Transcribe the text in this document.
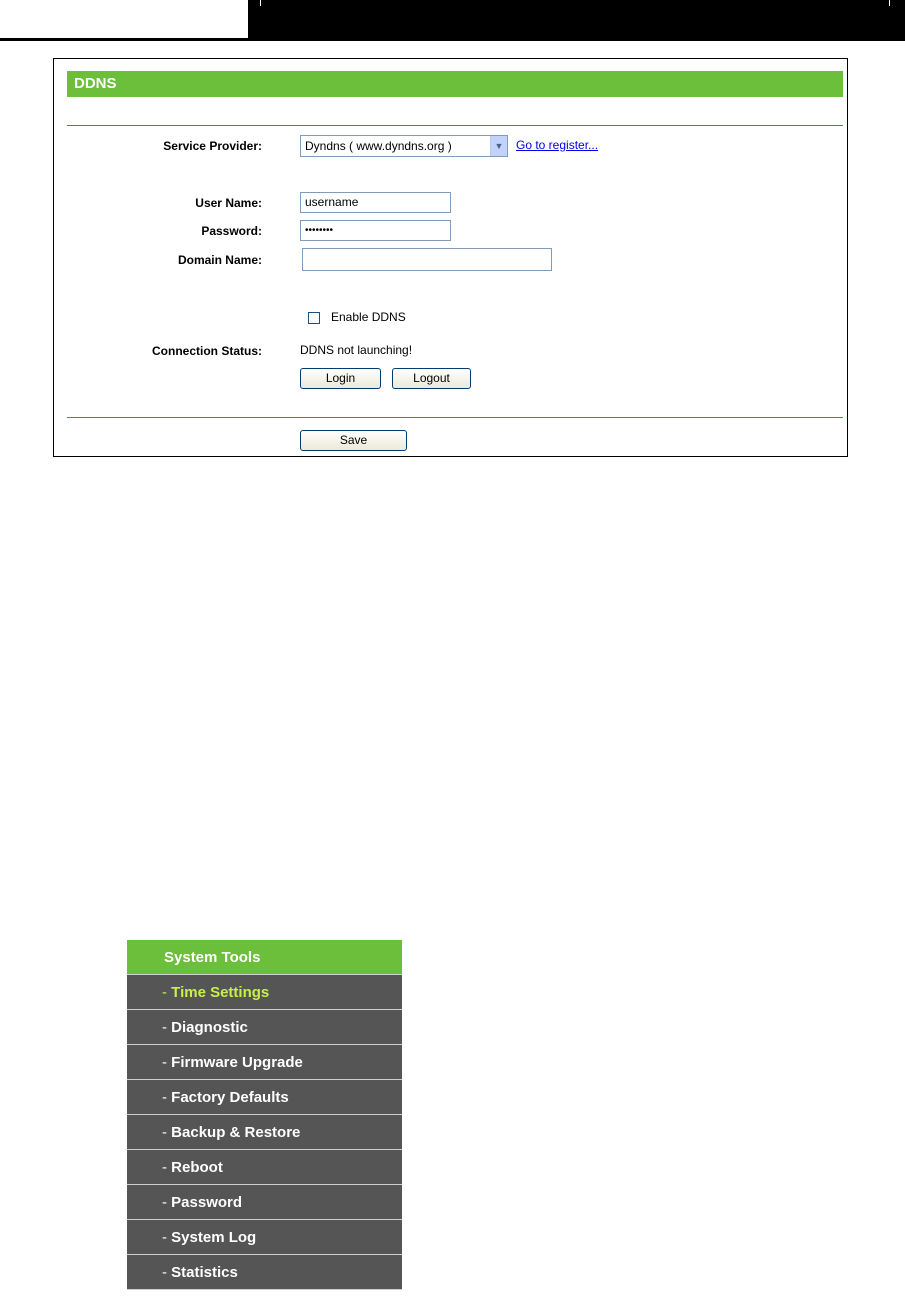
DDNS
Service Provider:	Dyndns ( www.dyndns.org )	▼ Go to register...
User Name:	username
Password:	••••••••
Domain Name:
Enable DDNS
Connection Status:	DDNS not launching!
Login	Logout
Save
System Tools
- Time Settings
- Diagnostic
- Firmware Upgrade
- Factory Defaults
- Backup & Restore
- Reboot
- Password
- System Log
- Statistics
